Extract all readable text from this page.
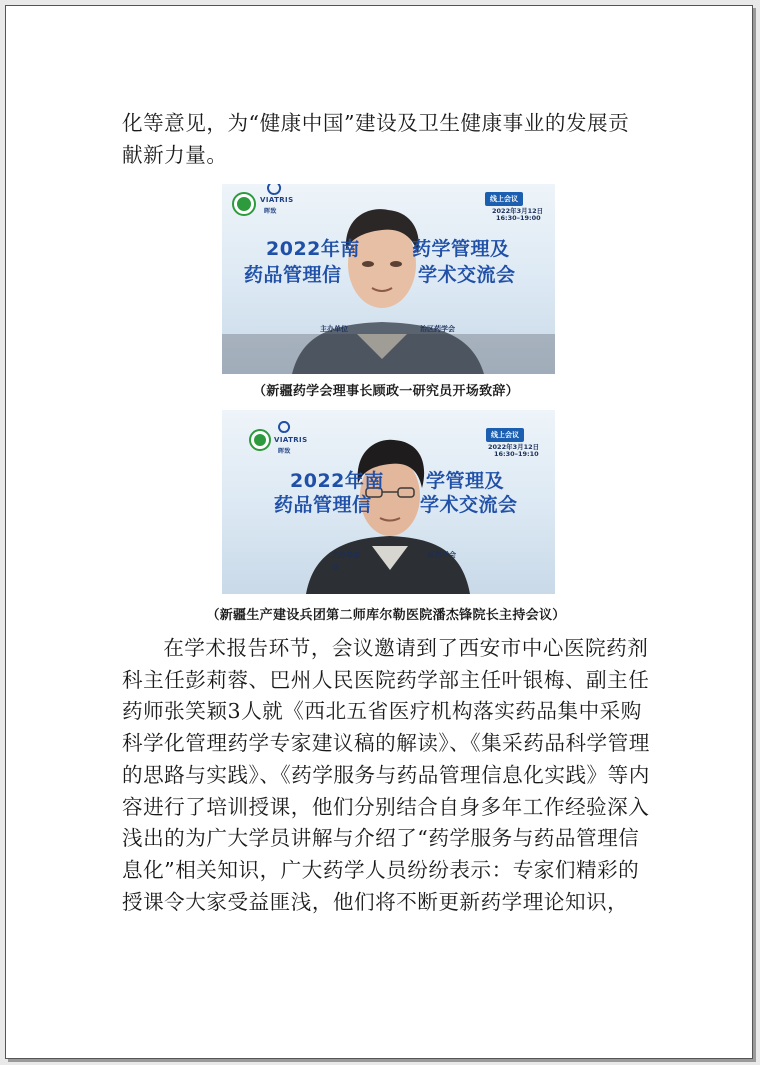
化等意见，为“健康中国”建设及卫生健康事业的发展贡献新力量。

VIATRIS
晖致
线上会议
2022年3月12日
16:30–19:00
2022年南	药学管理及
药品管理信	学术交流会
主办单位	治区药学会
（新疆药学会理事长顾政一研究员开场致辞）
VIATRIS
晖致
线上会议
2022年3月12日
16:30–19:10
2022年南 学管理及
药品管理信	学术交流会
主办单位
公
区药学会
（新疆生产建设兵团第二师库尔勒医院潘杰锋院长主持会议）

在学术报告环节，会议邀请到了西安市中心医院药剂科主任彭莉蓉、巴州人民医院药学部主任叶银梅、副主任药师张笑颖3人就《西北五省医疗机构落实药品集中采购科学化管理药学专家建议稿的解读》、《集采药品科学管理的思路与实践》、《药学服务与药品管理信息化实践》等内容进行了培训授课，他们分别结合自身多年工作经验深入浅出的为广大学员讲解与介绍了“药学服务与药品管理信息化”相关知识，广大药学人员纷纷表示：专家们精彩的授课令大家受益匪浅，他们将不断更新药学理论知识，
